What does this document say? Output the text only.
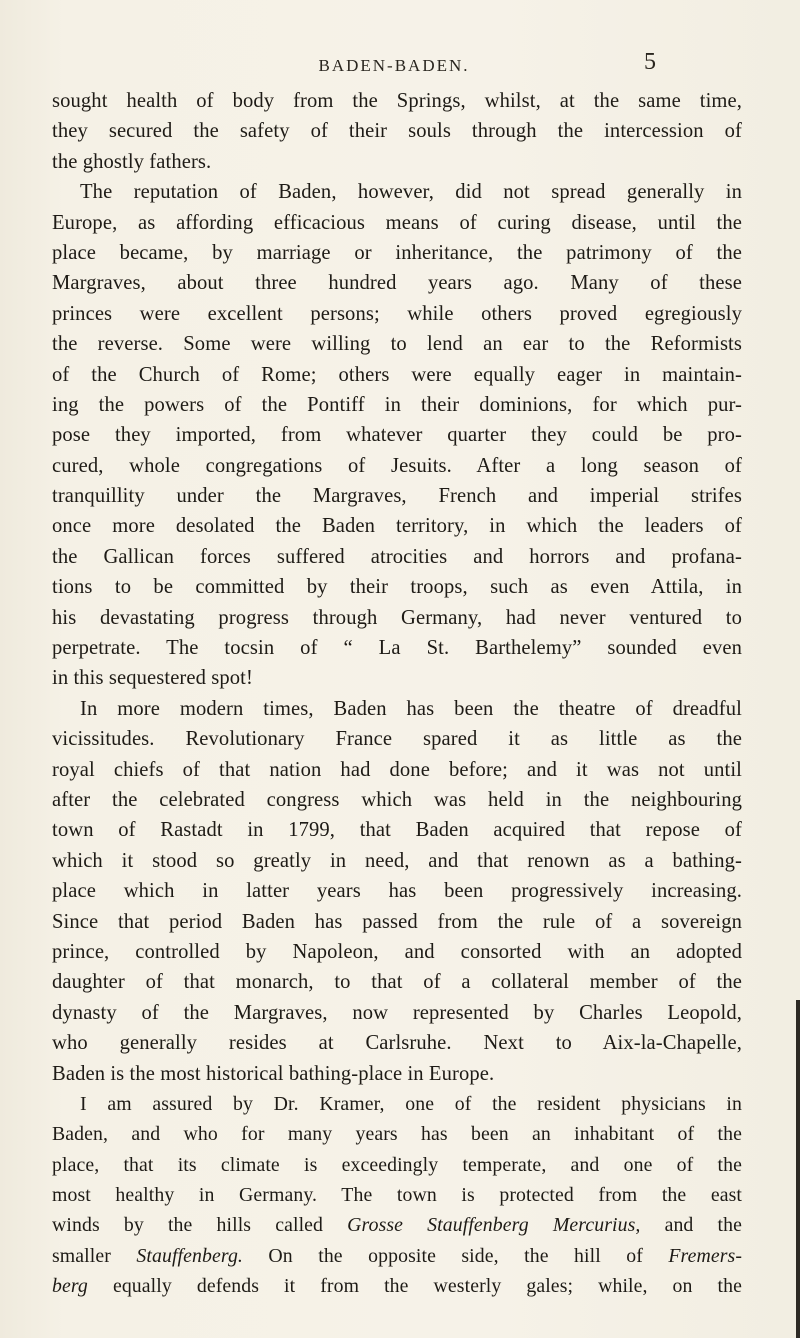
BADEN-BADEN.	5
sought health of body from the Springs, whilst, at the same time,
they secured the safety of their souls through the intercession of
the ghostly fathers.
The reputation of Baden, however, did not spread generally in
Europe, as affording efficacious means of curing disease, until the
place became, by marriage or inheritance, the patrimony of the
Margraves, about three hundred years ago. Many of these
princes were excellent persons; while others proved egregiously
the reverse. Some were willing to lend an ear to the Reformists
of the Church of Rome; others were equally eager in maintain-
ing the powers of the Pontiff in their dominions, for which pur-
pose they imported, from whatever quarter they could be pro-
cured, whole congregations of Jesuits. After a long season of
tranquillity under the Margraves, French and imperial strifes
once more desolated the Baden territory, in which the leaders of
the Gallican forces suffered atrocities and horrors and profana-
tions to be committed by their troops, such as even Attila, in
his devastating progress through Germany, had never ventured to
perpetrate. The tocsin of “ La St. Barthelemy” sounded even
in this sequestered spot!
In more modern times, Baden has been the theatre of dreadful
vicissitudes. Revolutionary France spared it as little as the
royal chiefs of that nation had done before; and it was not until
after the celebrated congress which was held in the neighbouring
town of Rastadt in 1799, that Baden acquired that repose of
which it stood so greatly in need, and that renown as a bathing-
place which in latter years has been progressively increasing.
Since that period Baden has passed from the rule of a sovereign
prince, controlled by Napoleon, and consorted with an adopted
daughter of that monarch, to that of a collateral member of the
dynasty of the Margraves, now represented by Charles Leopold,
who generally resides at Carlsruhe. Next to Aix-la-Chapelle,
Baden is the most historical bathing-place in Europe.
I am assured by Dr. Kramer, one of the resident physicians in
Baden, and who for many years has been an inhabitant of the
place, that its climate is exceedingly temperate, and one of the
most healthy in Germany. The town is protected from the east
winds by the hills called Grosse Stauffenberg Mercurius, and the
smaller Stauffenberg. On the opposite side, the hill of Fremers-
berg equally defends it from the westerly gales; while, on the
